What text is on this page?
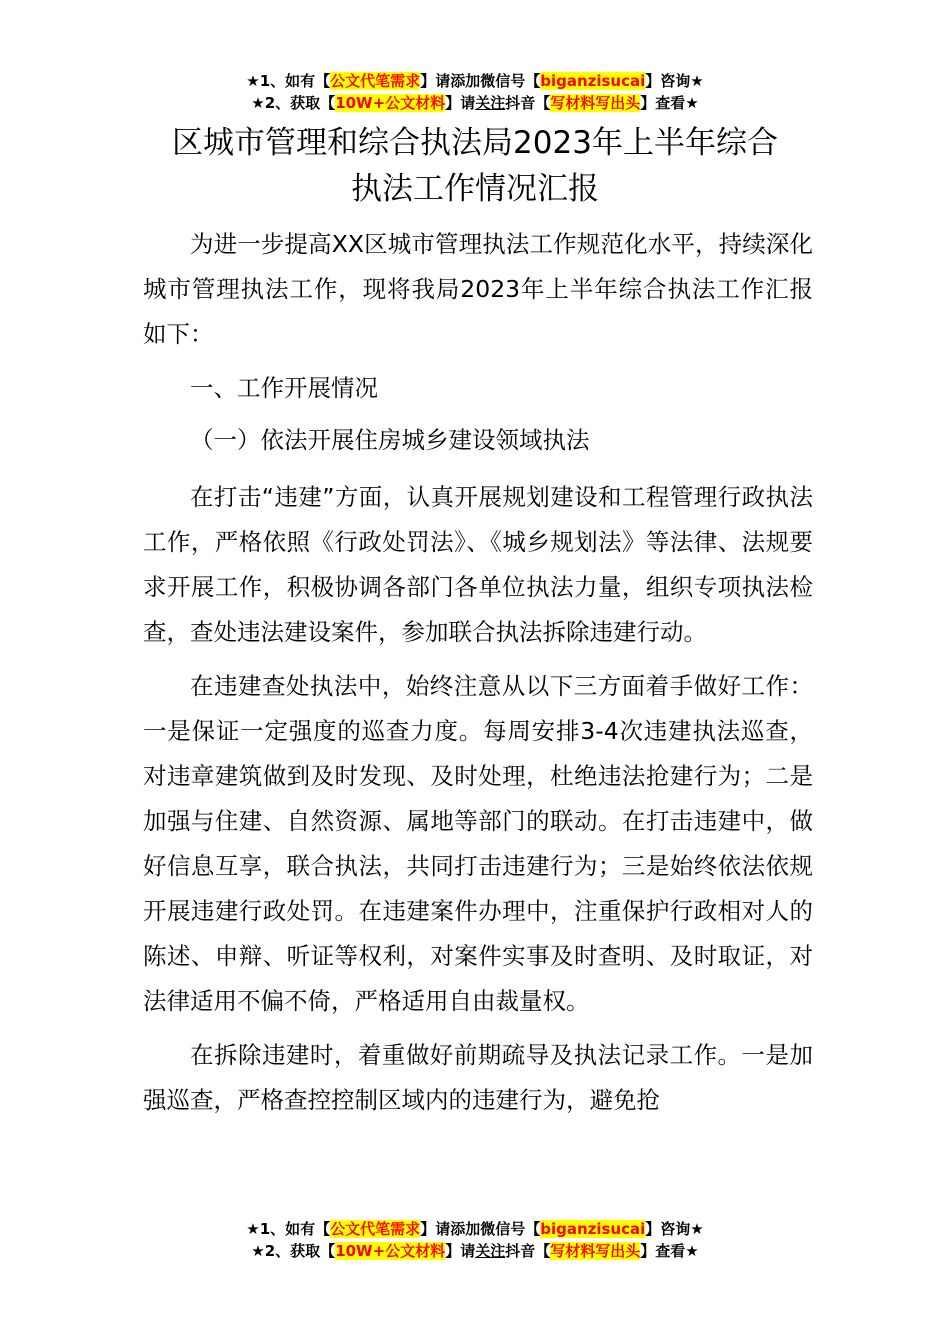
★1、如有【公文代笔需求】请添加微信号【biganzisucai】咨询★
★2、获取【10W+公文材料】请关注抖音【写材料写出头】查看★
区城市管理和综合执法局2023年上半年综合
执法工作情况汇报

为进一步提高XX区城市管理执法工作规范化水平，持续深化城市管理执法工作，现将我局2023年上半年综合执法工作汇报如下：

一、工作开展情况

（一）依法开展住房城乡建设领域执法

在打击“违建”方面，认真开展规划建设和工程管理行政执法工作，严格依照《行政处罚法》、《城乡规划法》等法律、法规要求开展工作，积极协调各部门各单位执法力量，组织专项执法检查，查处违法建设案件，参加联合执法拆除违建行动。

在违建查处执法中，始终注意从以下三方面着手做好工作：一是保证一定强度的巡查力度。每周安排3-4次违建执法巡查，对违章建筑做到及时发现、及时处理，杜绝违法抢建行为；二是加强与住建、自然资源、属地等部门的联动。在打击违建中，做好信息互享，联合执法，共同打击违建行为；三是始终依法依规开展违建行政处罚。在违建案件办理中，注重保护行政相对人的陈述、申辩、听证等权利，对案件实事及时查明、及时取证，对法律适用不偏不倚，严格适用自由裁量权。

在拆除违建时，着重做好前期疏导及执法记录工作。一是加强巡查，严格查控控制区域内的违建行为，避免抢

★1、如有【公文代笔需求】请添加微信号【biganzisucai】咨询★
★2、获取【10W+公文材料】请关注抖音【写材料写出头】查看★
